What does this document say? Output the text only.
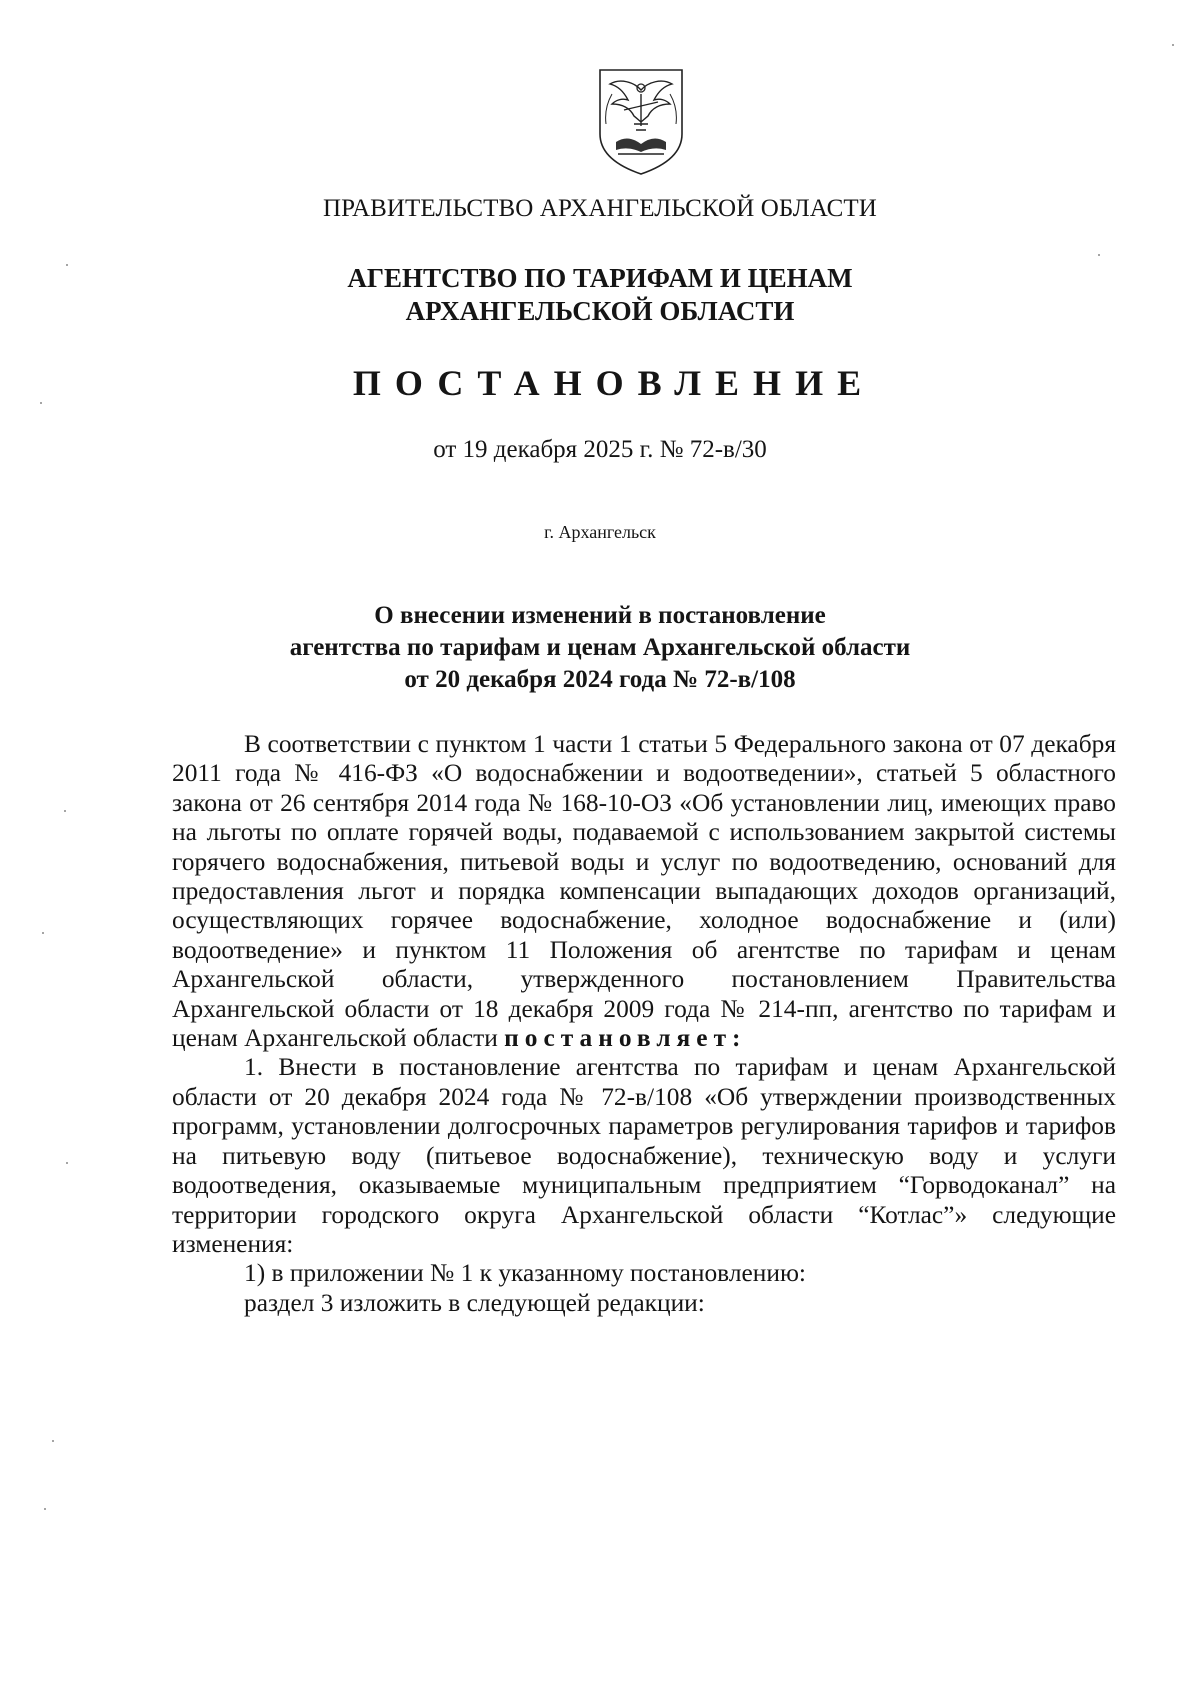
ПРАВИТЕЛЬСТВО АРХАНГЕЛЬСКОЙ ОБЛАСТИ
АГЕНТСТВО ПО ТАРИФАМ И ЦЕНАМ
АРХАНГЕЛЬСКОЙ ОБЛАСТИ
ПОСТАНОВЛЕНИЕ
от 19 декабря 2025 г. № 72-в/30
г. Архангельск
О внесении изменений в постановление
агентства по тарифам и ценам Архангельской области
от 20 декабря 2024 года № 72-в/108

В соответствии с пунктом 1 части 1 статьи 5 Федерального закона от 07 декабря 2011 года № 416-ФЗ «О водоснабжении и водоотведении», статьей 5 областного закона от 26 сентября 2014 года № 168-10-ОЗ «Об установлении лиц, имеющих право на льготы по оплате горячей воды, подаваемой с использованием закрытой системы горячего водоснабжения, питьевой воды и услуг по водоотведению, оснований для предоставления льгот и порядка компенсации выпадающих доходов организаций, осуществляющих горячее водоснабжение, холодное водоснабжение и (или) водоотведение» и пунктом 11 Положения об агентстве по тарифам и ценам Архангельской области, утвержденного постановлением Правительства Архангельской области от 18 декабря 2009 года № 214-пп, агентство по тарифам и ценам Архангельской области постановляет:

1. Внести в постановление агентства по тарифам и ценам Архангельской области от 20 декабря 2024 года № 72-в/108 «Об утверждении производственных программ, установлении долгосрочных параметров регулирования тарифов и тарифов на питьевую воду (питьевое водоснабжение), техническую воду и услуги водоотведения, оказываемые муниципальным предприятием “Горводоканал” на территории городского округа Архангельской области “Котлас”» следующие изменения:

1) в приложении № 1 к указанному постановлению:

раздел 3 изложить в следующей редакции:
